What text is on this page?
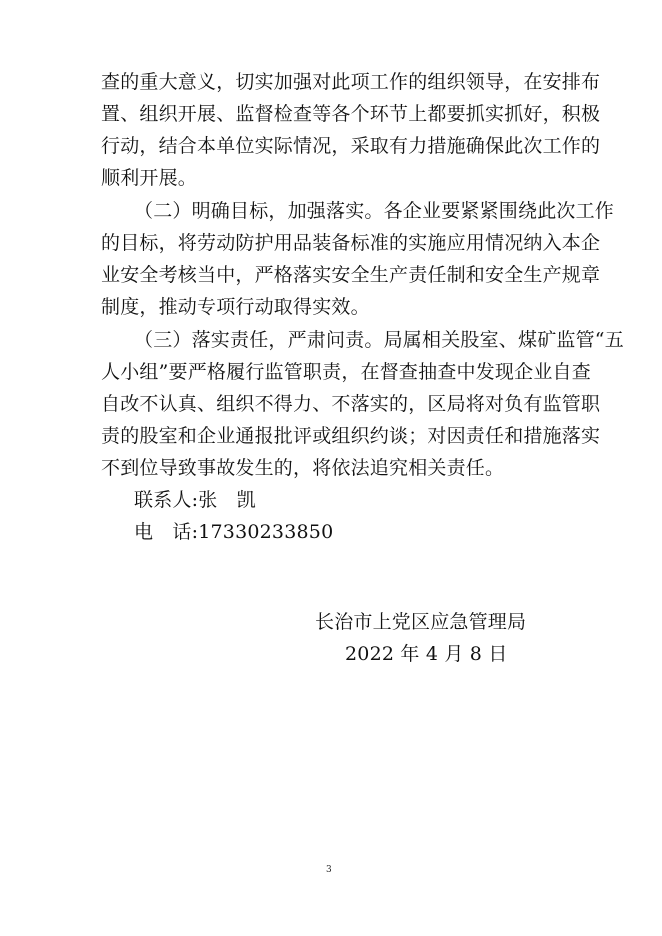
查的重大意义，切实加强对此项工作的组织领导，在安排布
置、组织开展、监督检查等各个环节上都要抓实抓好，积极
行动，结合本单位实际情况，采取有力措施确保此次工作的
顺利开展。
（二）明确目标，加强落实。各企业要紧紧围绕此次工作
的目标，将劳动防护用品装备标准的实施应用情况纳入本企
业安全考核当中，严格落实安全生产责任制和安全生产规章
制度，推动专项行动取得实效。
（三）落实责任，严肃问责。局属相关股室、煤矿监管“五
人小组”要严格履行监管职责，在督查抽查中发现企业自查
自改不认真、组织不得力、不落实的，区局将对负有监管职
责的股室和企业通报批评或组织约谈；对因责任和措施落实
不到位导致事故发生的，将依法追究相关责任。
联系人:张　凯
电　话:17330233850
长治市上党区应急管理局
2022 年 4 月 8 日
3
